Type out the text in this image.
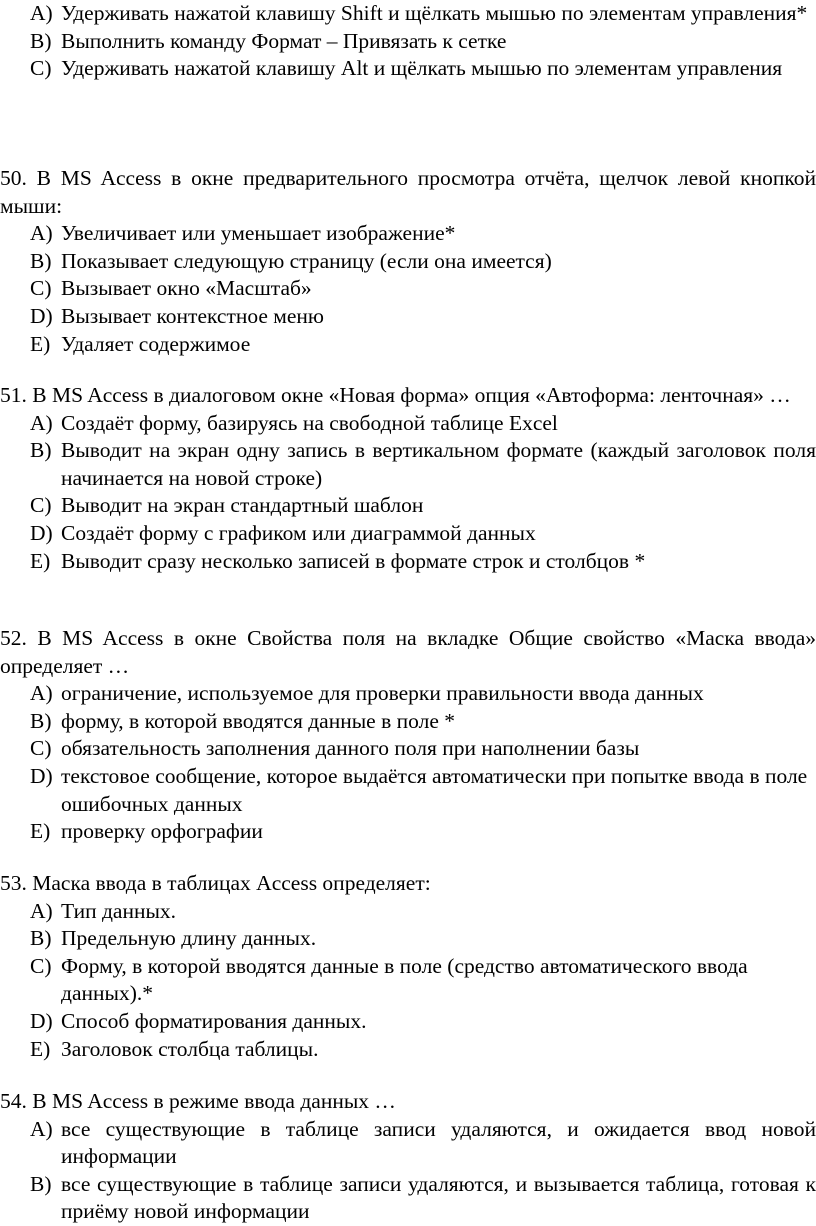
A) Удерживать нажатой клавишу Shift и щёлкать мышью по элементам управления*
B) Выполнить команду Формат – Привязать к сетке
C) Удерживать нажатой клавишу Alt и щёлкать мышью по элементам управления

50. В MS Access в окне предварительного просмотра отчёта, щелчок левой кнопкой мыши:

A) Увеличивает или уменьшает изображение*
B) Показывает следующую страницу (если она имеется)
C) Вызывает окно «Масштаб»
D) Вызывает контекстное меню
E) Удаляет содержимое

51. В MS Access в диалоговом окне «Новая форма» опция «Автоформа: ленточная» …

A) Создаёт форму, базируясь на свободной таблице Excel
B) Выводит на экран одну запись в вертикальном формате (каждый заголовок поля начинается на новой строке)
C) Выводит на экран стандартный шаблон
D) Создаёт форму с графиком или диаграммой данных
E) Выводит сразу несколько записей в формате строк и столбцов *

52. В MS Access в окне Свойства поля на вкладке Общие свойство «Маска ввода» определяет …

A) ограничение, используемое для проверки правильности ввода данных
B) форму, в которой вводятся данные в поле *
C) обязательность заполнения данного поля при наполнении базы
D) текстовое сообщение, которое выдаётся автоматически при попытке ввода в поле ошибочных данных
E) проверку орфографии

53. Маска ввода в таблицах Access определяет:

A) Тип данных.
B) Предельную длину данных.
C) Форму, в которой вводятся данные в поле (средство автоматического ввода данных).*
D) Способ форматирования данных.
E) Заголовок столбца таблицы.

54. В MS Access в режиме ввода данных …

A) все существующие в таблице записи удаляются, и ожидается ввод новой информации
B) все существующие в таблице записи удаляются, и вызывается таблица, готовая к приёму новой информации
